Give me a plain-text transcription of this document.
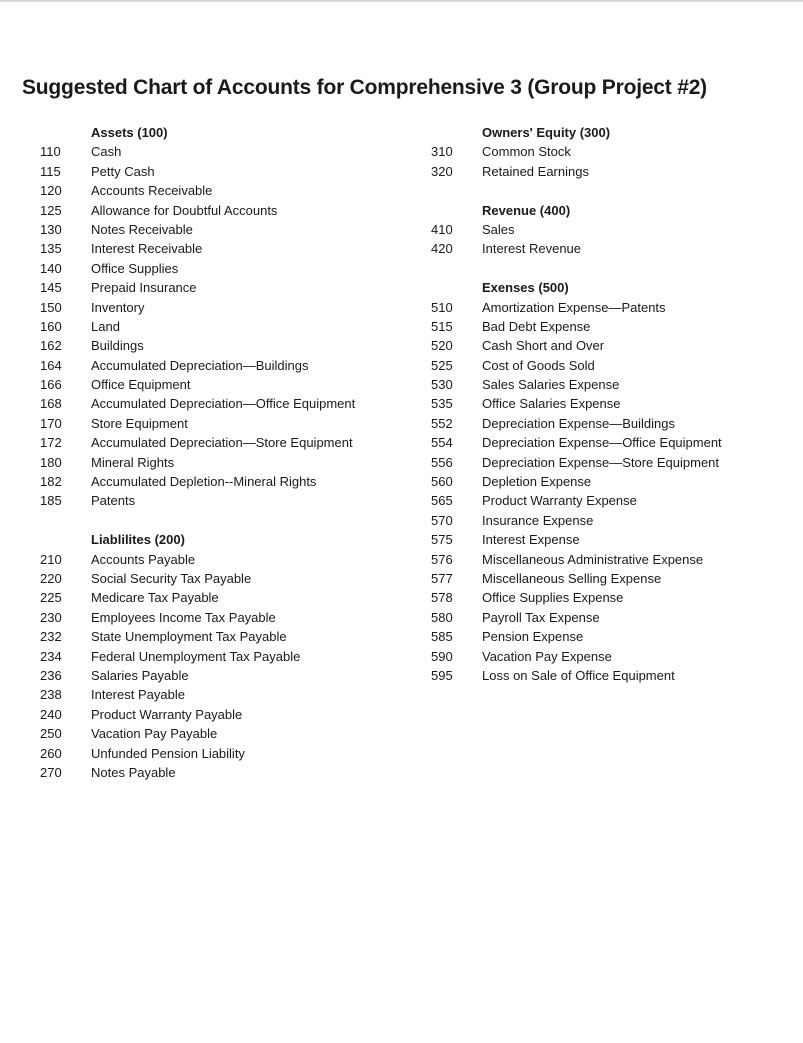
Suggested Chart of Accounts for Comprehensive 3 (Group Project #2)
Assets (100)
110 Cash
115 Petty Cash
120 Accounts Receivable
125 Allowance for Doubtful Accounts
130 Notes Receivable
135 Interest Receivable
140 Office Supplies
145 Prepaid Insurance
150 Inventory
160 Land
162 Buildings
164 Accumulated Depreciation—Buildings
166 Office Equipment
168 Accumulated Depreciation—Office Equipment
170 Store Equipment
172 Accumulated Depreciation—Store Equipment
180 Mineral Rights
182 Accumulated Depletion--Mineral Rights
185 Patents
Liablilites (200)
210 Accounts Payable
220 Social Security Tax Payable
225 Medicare Tax Payable
230 Employees Income Tax Payable
232 State Unemployment Tax Payable
234 Federal Unemployment Tax Payable
236 Salaries Payable
238 Interest Payable
240 Product Warranty Payable
250 Vacation Pay Payable
260 Unfunded Pension Liability
270 Notes Payable
Owners' Equity (300)
310 Common Stock
320 Retained Earnings
Revenue (400)
410 Sales
420 Interest Revenue
Exenses (500)
510 Amortization Expense—Patents
515 Bad Debt Expense
520 Cash Short and Over
525 Cost of Goods Sold
530 Sales Salaries Expense
535 Office Salaries Expense
552 Depreciation Expense—Buildings
554 Depreciation Expense—Office Equipment
556 Depreciation Expense—Store Equipment
560 Depletion Expense
565 Product Warranty Expense
570 Insurance Expense
575 Interest Expense
576 Miscellaneous Administrative Expense
577 Miscellaneous Selling Expense
578 Office Supplies Expense
580 Payroll Tax Expense
585 Pension Expense
590 Vacation Pay Expense
595 Loss on Sale of Office Equipment
